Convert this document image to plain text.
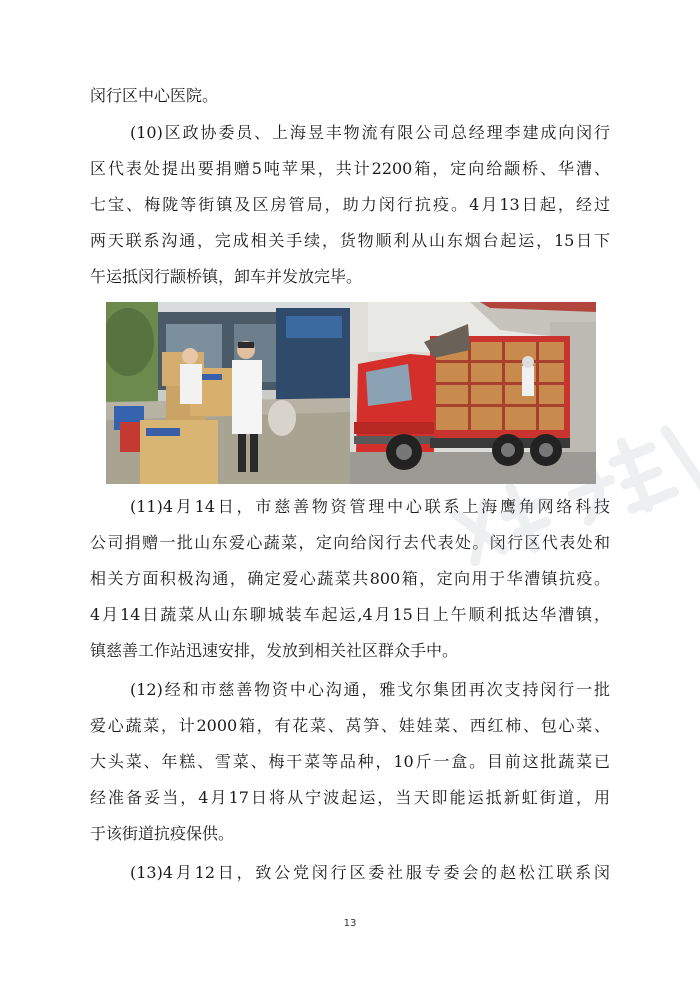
闵行区中心医院。
(10)区政协委员、上海昱丰物流有限公司总经理李建成向闵行
区代表处提出要捐赠5吨苹果，共计2200箱，定向给颛桥、华漕、
七宝、梅陇等街镇及区房管局，助力闵行抗疫。4月13日起，经过
两天联系沟通，完成相关手续，货物顺利从山东烟台起运，15日下
午运抵闵行颛桥镇，卸车并发放完毕。
(11)4月14日，市慈善物资管理中心联系上海鹰角网络科技
公司捐赠一批山东爱心蔬菜，定向给闵行去代表处。闵行区代表处和
相关方面积极沟通，确定爱心蔬菜共800箱，定向用于华漕镇抗疫。
4月14日蔬菜从山东聊城装车起运,4月15日上午顺利抵达华漕镇，
镇慈善工作站迅速安排，发放到相关社区群众手中。
(12)经和市慈善物资中心沟通，雅戈尔集团再次支持闵行一批
爱心蔬菜，计2000箱，有花菜、莴笋、娃娃菜、西红柿、包心菜、
大头菜、年糕、雪菜、梅干菜等品种，10斤一盒。目前这批蔬菜已
经准备妥当，4月17日将从宁波起运，当天即能运抵新虹街道，用
于该街道抗疫保供。
(13)4月12日，致公党闵行区委社服专委会的赵松江联系闵
13
